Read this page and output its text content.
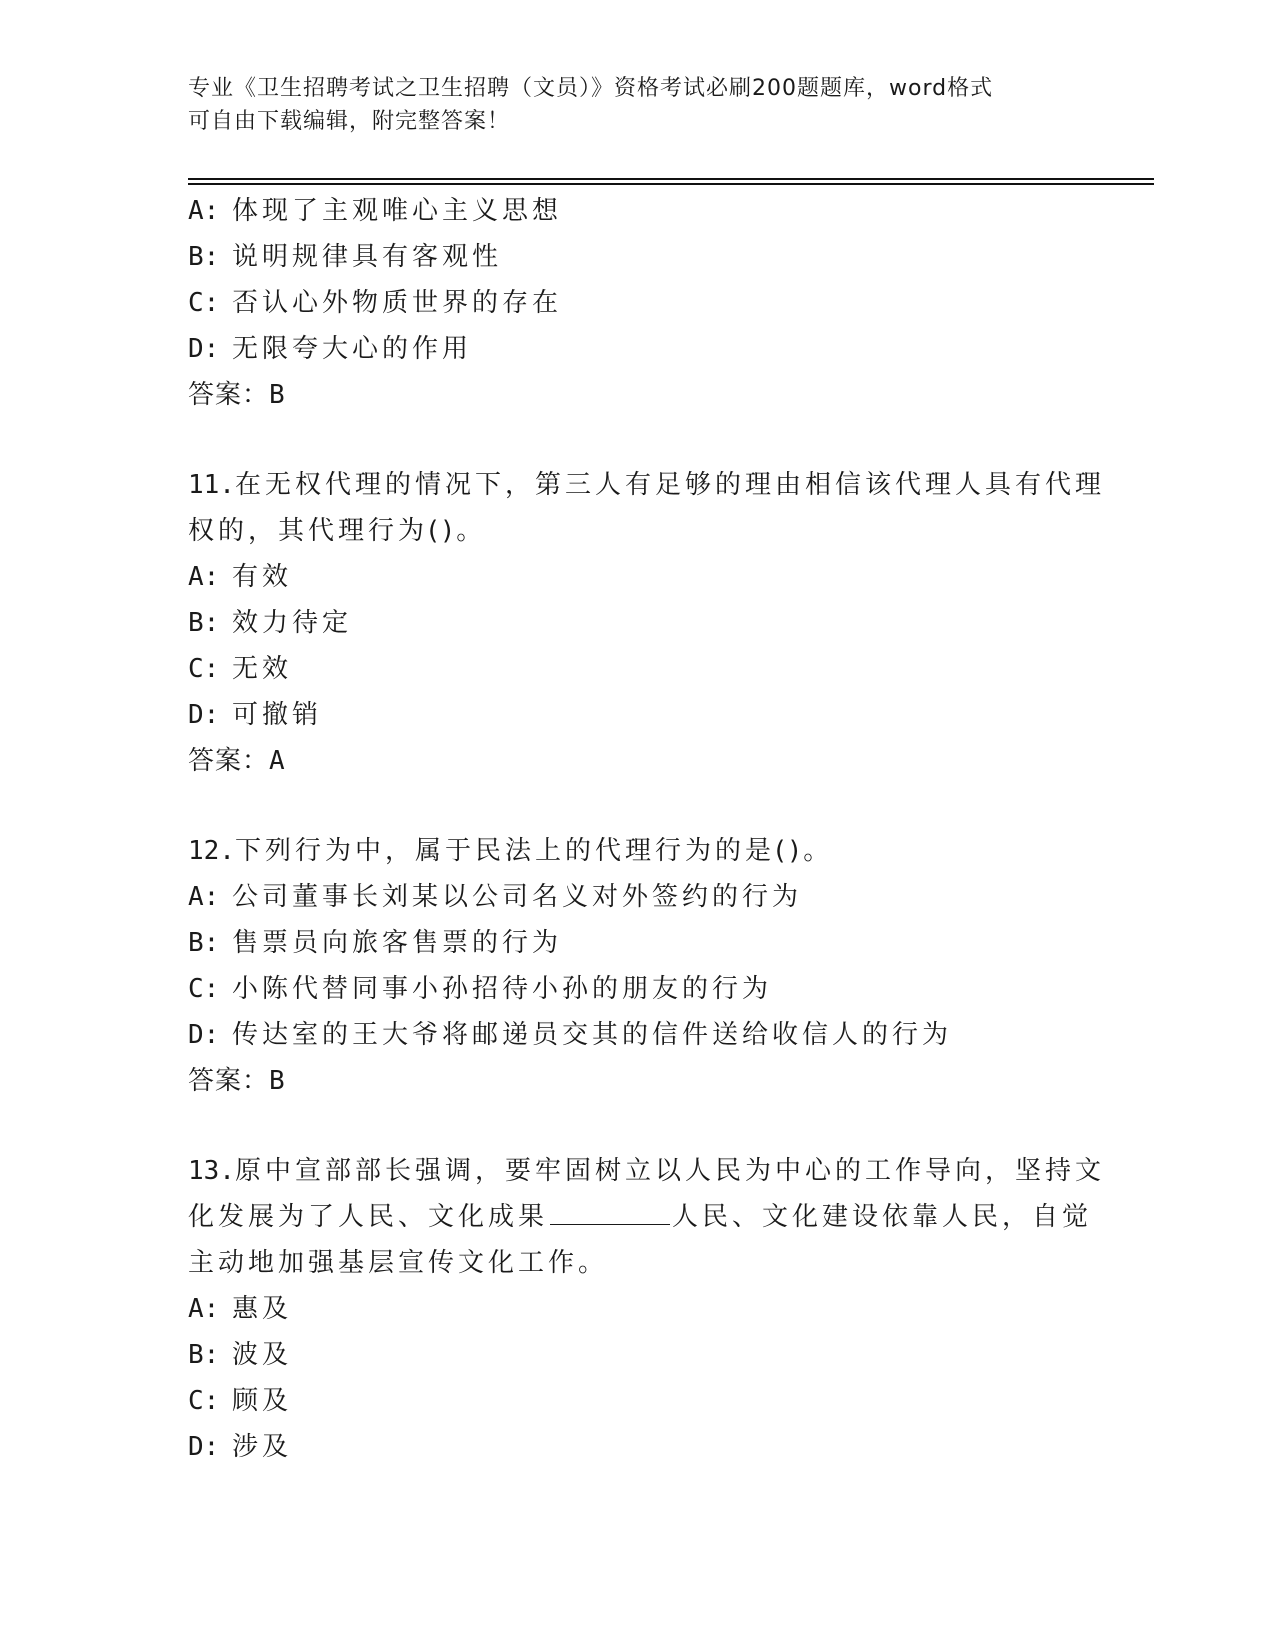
专业《卫生招聘考试之卫生招聘（文员）》资格考试必刷200题题库，word格式
可自由下载编辑，附完整答案！
A: 体现了主观唯心主义思想
B: 说明规律具有客观性
C: 否认心外物质世界的存在
D: 无限夸大心的作用
答案：B
11.在无权代理的情况下，第三人有足够的理由相信该代理人具有代理
权的，其代理行为()。
A: 有效
B: 效力待定
C: 无效
D: 可撤销
答案：A
12.下列行为中，属于民法上的代理行为的是()。
A: 公司董事长刘某以公司名义对外签约的行为
B: 售票员向旅客售票的行为
C: 小陈代替同事小孙招待小孙的朋友的行为
D: 传达室的王大爷将邮递员交其的信件送给收信人的行为
答案：B
13.原中宣部部长强调，要牢固树立以人民为中心的工作导向，坚持文
化发展为了人民、文化成果	人民、文化建设依靠人民，自觉
主动地加强基层宣传文化工作。
A: 惠及
B: 波及
C: 顾及
D: 涉及
